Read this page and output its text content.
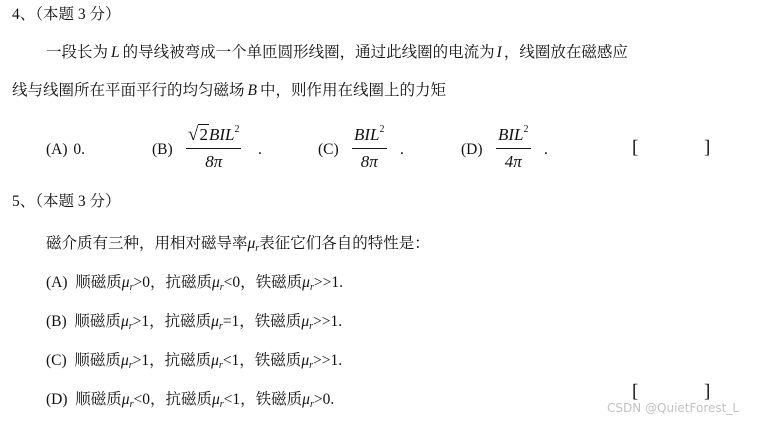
4、（本题 3 分）
一段长为 L 的导线被弯成一个单匝圆形线圈，通过此线圈的电流为 I ，线圈放在磁感应
线与线圈所在平面平行的均匀磁场 B 中，则作用在线圈上的力矩
(A) 0.	(B)
√2BIL$^2$
8π
.	(C)
BIL$^2$
8π
.	(D)
BIL$^2$
4π
.	[	]
5、（本题 3 分）
磁介质有三种，用相对磁导率$\mu_r$表征它们各自的特性是：
(A) 顺磁质$\mu_r>0$，抗磁质$\mu_r<0$，铁磁质$\mu_r>>1$.
(B) 顺磁质$\mu_r>1$，抗磁质$\mu_r=1$，铁磁质$\mu_r>>1$.
(C) 顺磁质$\mu_r>1$，抗磁质$\mu_r<1$，铁磁质$\mu_r>>1$.
(D) 顺磁质$\mu_r<0$，抗磁质$\mu_r<1$，铁磁质$\mu_r>0$.	[	]
CSDN @QuietForest_L
